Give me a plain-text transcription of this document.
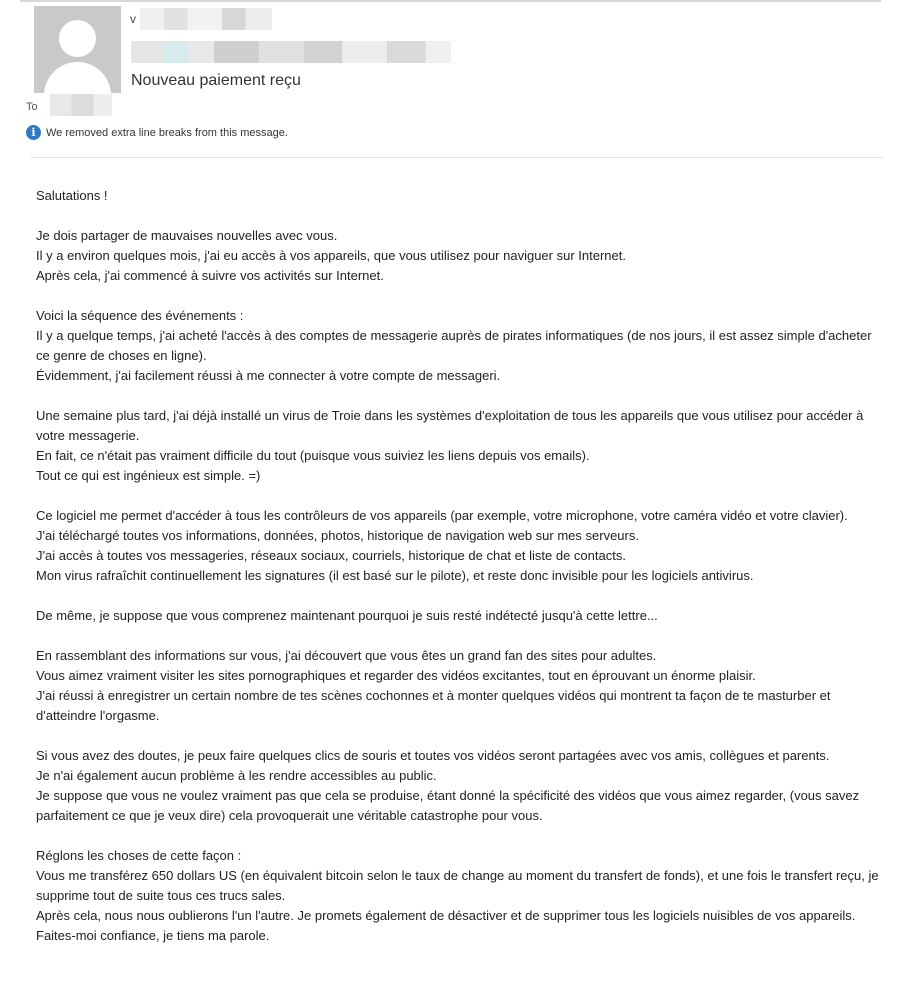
v
Nouveau paiement reçu
To
i We removed extra line breaks from this message.

Salutations !

Je dois partager de mauvaises nouvelles avec vous.
Il y a environ quelques mois, j'ai eu accès à vos appareils, que vous utilisez pour naviguer sur Internet.
Après cela, j'ai commencé à suivre vos activités sur Internet.

Voici la séquence des événements :
Il y a quelque temps, j'ai acheté l'accès à des comptes de messagerie auprès de pirates informatiques (de nos jours, il est assez simple d'acheter ce genre de choses en ligne).
Évidemment, j'ai facilement réussi à me connecter à votre compte de messageri.

Une semaine plus tard, j'ai déjà installé un virus de Troie dans les systèmes d'exploitation de tous les appareils que vous utilisez pour accéder à votre messagerie.
En fait, ce n'était pas vraiment difficile du tout (puisque vous suiviez les liens depuis vos emails).
Tout ce qui est ingénieux est simple. =)

Ce logiciel me permet d'accéder à tous les contrôleurs de vos appareils (par exemple, votre microphone, votre caméra vidéo et votre clavier).
J'ai téléchargé toutes vos informations, données, photos, historique de navigation web sur mes serveurs.
J'ai accès à toutes vos messageries, réseaux sociaux, courriels, historique de chat et liste de contacts.
Mon virus rafraîchit continuellement les signatures (il est basé sur le pilote), et reste donc invisible pour les logiciels antivirus.

De même, je suppose que vous comprenez maintenant pourquoi je suis resté indétecté jusqu'à cette lettre...

En rassemblant des informations sur vous, j'ai découvert que vous êtes un grand fan des sites pour adultes.
Vous aimez vraiment visiter les sites pornographiques et regarder des vidéos excitantes, tout en éprouvant un énorme plaisir.
J'ai réussi à enregistrer un certain nombre de tes scènes cochonnes et à monter quelques vidéos qui montrent ta façon de te masturber et d'atteindre l'orgasme.

Si vous avez des doutes, je peux faire quelques clics de souris et toutes vos vidéos seront partagées avec vos amis, collègues et parents.
Je n'ai également aucun problème à les rendre accessibles au public.
Je suppose que vous ne voulez vraiment pas que cela se produise, étant donné la spécificité des vidéos que vous aimez regarder, (vous savez parfaitement ce que je veux dire) cela provoquerait une véritable catastrophe pour vous.

Réglons les choses de cette façon :
Vous me transférez 650 dollars US (en équivalent bitcoin selon le taux de change au moment du transfert de fonds), et une fois le transfert reçu, je supprime tout de suite tous ces trucs sales.
Après cela, nous nous oublierons l'un l'autre. Je promets également de désactiver et de supprimer tous les logiciels nuisibles de vos appareils. Faites-moi confiance, je tiens ma parole.
